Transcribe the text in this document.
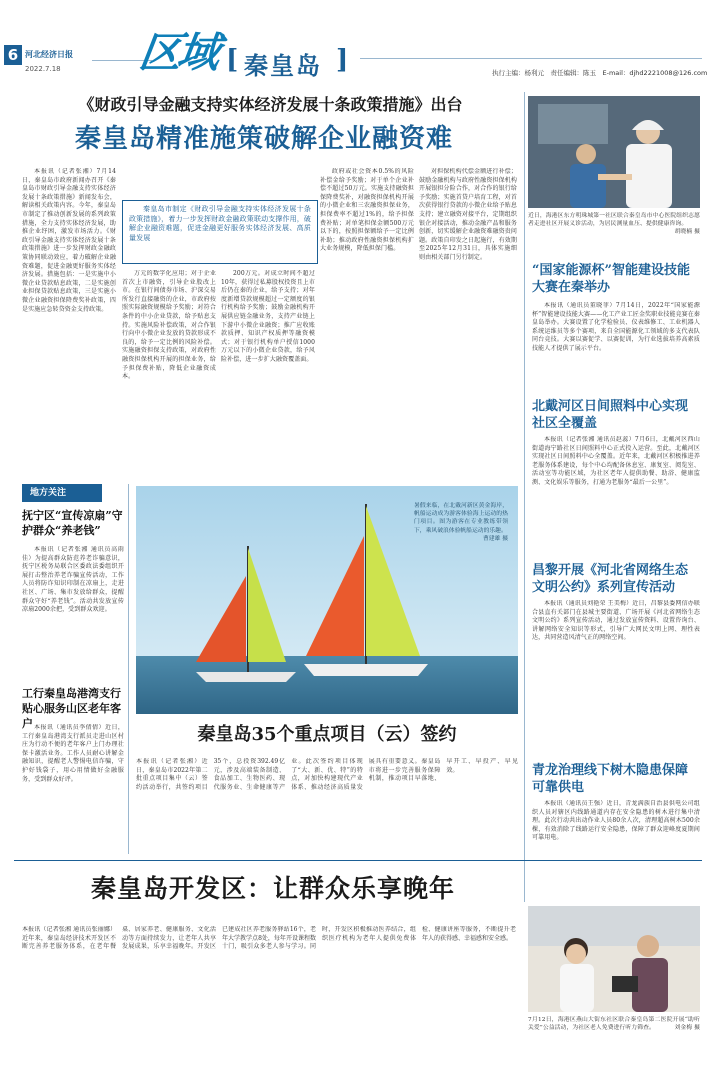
6 河北经济日报
2022.7.18 区域 [ 秦皇岛 ]	执行主编：杨利元　责任编辑：陈玉　E-mail：djhd2221008@126.com
《财政引导金融支持实体经济发展十条政策措施》出台
秦皇岛精准施策破解企业融资难

本报讯（记者张湘）7月14日，秦皇岛市政府新闻办召开《秦皇岛市财政引导金融支持实体经济发展十条政策措施》新闻发布会，解读相关政策内容。今年，秦皇岛市制定了推动创新发展的系列政策措施，全力支持实体经济发展，助推企业纾困，激发市场活力。《财政引导金融支持实体经济发展十条政策措施》进一步发挥财政金融政策协同联动效应，着力破解企业融资难题，促进金融更好服务实体经济发展。措施包括：一是实施中小微企业贷款贴息政策，二是实施创业担保贷款贴息政策，三是实施小微企业融资担保降费奖补政策，四是实施应急转贷资金支持政策。

秦皇岛市制定《财政引导金融支持实体经济发展十条政策措施》，着力一步发挥财政金融政策联动支撑作用，破解企业融资难题，促进金融更好服务实体经济发展、高质量发展

万元的数字化应用；对于企业首次上市融资，引导企业股改上市。在银行间债券市场、沪深交易所发行直接融资的企业，市政府按照实际融资规模给予奖励；对符合条件的中小企业贷款，给予贴息支持。实施风险补偿政策，对合作银行向中小微企业发放的贷款形成不良的，给予一定比例的风险补偿。实施融资担保支持政策，对政府性融资担保机构开展的担保业务，给予担保费补贴，降低企业融资成本。

200万元。对成立时间不超过10年，获得过私募股权投资且上市后仍在秦的企业，给予支持；对年度新增贷款规模超过一定额度的银行机构给予奖励；鼓励金融机构开展供应链金融业务，支持产业链上下游中小微企业融资；推广应收账款质押、知识产权质押等融资模式；对于银行机构单户授信1000万元以下的小微企业贷款，给予风险补偿，进一步扩大融资覆盖面。

政府或社会资本0.5%的风险补偿金给予奖励；对于单个企业补偿不超过50万元。实施支持融资担保降费奖补，对融资担保机构开展的小微企业和三农融资担保业务，担保费率不超过1%的，给予担保费补贴；对单笔担保金额500万元以下的，按照担保额给予一定比例补助；推动政府性融资担保机构扩大业务规模，降低担保门槛。

对担保机构代偿金额进行补偿；鼓励金融机构与政府性融资担保机构开展银担分险合作，对合作的银行给予奖励；实施首贷户培育工程，对首次获得银行贷款的小微企业给予贴息支持；建立融资对接平台，定期组织银企对接活动，推动金融产品和服务创新，切实缓解企业融资难融资贵问题。政策自印发之日起施行，有效期至2025年12月31日，具体实施细则由相关部门另行制定。

近日，海港区东方明珠城第一社区联合秦皇岛市中心医院组织志愿者走进社区开展义诊活动，为居民测量血压、提供健康咨询。
胡晓楠 摄
“国家能源杯”智能建设技能大赛在秦举办

本报讯（通讯员董晓菲）7月14日，2022年“国家能源杯”智能建设技能大赛——化工产业工匠金奖职业技能竞赛在秦皇岛举办。大赛设置了化学检验员、仪表维修工、工业机器人系统运维员等多个赛项，来自全国能源化工领域的多支代表队同台竞技。大赛以赛促学、以赛促训，为行业选拔培养高素质技能人才提供了展示平台。

北戴河区日间照料中心实现社区全覆盖

本报讯（记者张湘 通讯员赵蕊）7月6日，北戴河区西山街道海宁路社区日间照料中心正式投入运营。至此，北戴河区实现社区日间照料中心全覆盖。近年来，北戴河区积极推进养老服务体系建设，每个中心均配备休息室、康复室、阅览室、活动室等功能区域，为社区老年人提供助餐、助浴、健康监测、文化娱乐等服务，打通为老服务“最后一公里”。

昌黎开展《河北省网络生态文明公约》系列宣传活动

本报讯（通讯员刘艳荣 王美梅）近日，昌黎县委网信办联合县直有关部门在县城主要街道、广场开展《河北省网络生态文明公约》系列宣传活动，通过发放宣传资料、设置咨询台、讲解网络安全知识等形式，引导广大网民文明上网、理性表达，共同营造风清气正的网络空间。

青龙治理线下树木隐患保障可靠供电

本报讯（通讯员王强）近日，青龙满族自治县供电公司组织人员对辖区内线路通道内存在安全隐患的树木进行集中清理。此次行动共出动作业人员80余人次，清理超高树木500余棵，有效消除了线路运行安全隐患，保障了群众迎峰度夏期间可靠用电。

地方关注
抚宁区“宣传凉扇”守护群众“养老钱”

本报讯（记者张湘 通讯员高雨佳）为提高群众防范养老诈骗意识，抚宁区税务局联合区委政法委组织开展打击整治养老诈骗宣传活动，工作人员将防诈知识印制在凉扇上，走进社区、广场、集市发放给群众，提醒群众守好“养老钱”。活动共发放宣传凉扇2000余把，受到群众欢迎。

工行秦皇岛港湾支行贴心服务山区老年客户 本报讯（通讯员李倩倩）近日，工行秦皇岛港湾支行派员走进山区村庄为行动不便的老年客户上门办理社保卡激活业务。工作人员耐心讲解金融知识，提醒老人警惕电信诈骗，守护好钱袋子，用心用情做好金融服务，受到群众好评。

暑假来临，在北戴河新区黄金海岸，帆船运动成为游客体验海上运动的热门项目。图为游客在专业教练带领下，乘风破浪体验帆船运动的乐趣。

曹建雄 摄
秦皇岛35个重点项目（云）签约
本报讯（记者张湘）近日，秦皇岛市2022年第二批重点项目集中（云）签约活动举行，共签约项目35个，总投资392.49亿元，涉及高端装备制造、食品加工、生物医药、现代服务业、生命健康等产业。此次签约项目体现了“大、新、优、特”的特点，对加快构建现代产业体系、推动经济高质量发展具有重要意义。秦皇岛市将进一步完善服务保障机制，推动项目早落地、早开工、早投产、早见效。
秦皇岛开发区：让群众乐享晚年
本报讯（记者张湘 通讯员张丽娜）近年来，秦皇岛经济技术开发区不断完善养老服务体系，在老年餐桌、居家养老、健康服务、文化活动等方面持续发力，让老年人共享发展成果，乐享幸福晚年。开发区已建成社区养老服务驿站16个，老年大学教学点8处，每年开设课程数十门，吸引众多老人参与学习。同时，开发区积极推动医养结合，组织医疗机构为老年人提供免费体检、健康讲座等服务，不断提升老年人的获得感、幸福感和安全感。
7月12日，海港区燕山大街东社区联合秦皇岛第二医院开展“助听关爱”公益活动，为社区老人免费进行听力筛查。	刘金梅 摄
